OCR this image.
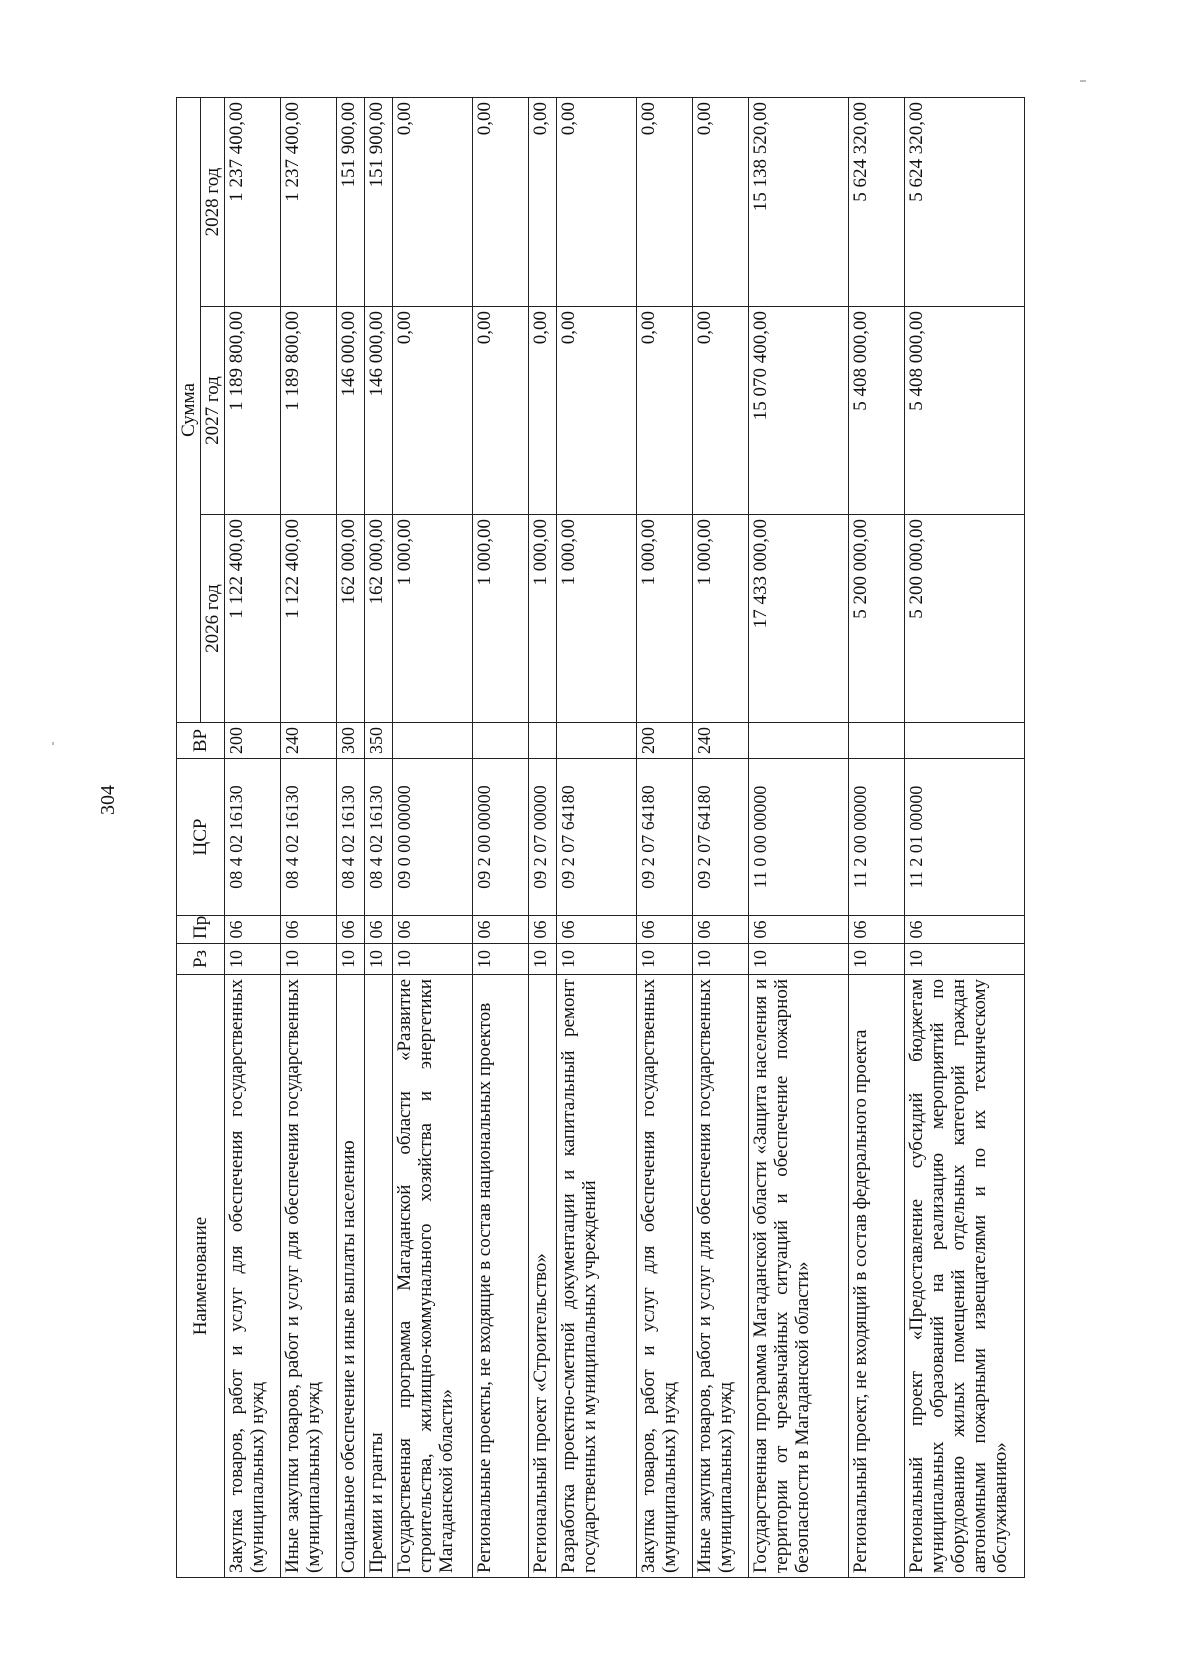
304
Наименование	Рз	Пр	ЦСР	ВР	Сумма		
					2026 год	2027 год	2028 год
Закупка товаров, работ и услуг для обеспечения государственных (муниципальных) нужд	10	06	08 4 02 16130	200	1 122 400,00	1 189 800,00	1 237 400,00
Иные закупки товаров, работ и услуг для обеспечения государственных (муниципальных) нужд	10	06	08 4 02 16130	240	1 122 400,00	1 189 800,00	1 237 400,00
Социальное обеспечение и иные выплаты населению	10	06	08 4 02 16130	300	162 000,00	146 000,00	151 900,00
Премии и гранты	10	06	08 4 02 16130	350	162 000,00	146 000,00	151 900,00
Государственная программа Магаданской области «Развитие строительства, жилищно-коммунального хозяйства и энергетики Магаданской области»	10	06	09 0 00 00000		1 000,00	0,00	0,00
Региональные проекты, не входящие в состав национальных проектов	10	06	09 2 00 00000		1 000,00	0,00	0,00
Региональный проект «Строительство»	10	06	09 2 07 00000		1 000,00	0,00	0,00
Разработка проектно-сметной документации и капитальный ремонт государственных и муниципальных учреждений	10	06	09 2 07 64180		1 000,00	0,00	0,00
Закупка товаров, работ и услуг для обеспечения государственных (муниципальных) нужд	10	06	09 2 07 64180	200	1 000,00	0,00	0,00
Иные закупки товаров, работ и услуг для обеспечения государственных (муниципальных) нужд	10	06	09 2 07 64180	240	1 000,00	0,00	0,00
Государственная программа Магаданской области «Защита населения и территории от чрезвычайных ситуаций и обеспечение пожарной безопасности в Магаданской области»	10	06	11 0 00 00000		17 433 000,00	15 070 400,00	15 138 520,00
Региональный проект, не входящий в состав федерального проекта	10	06	11 2 00 00000		5 200 000,00	5 408 000,00	5 624 320,00
Региональный проект «Предоставление субсидий бюджетам муниципальных образований на реализацию мероприятий по оборудованию жилых помещений отдельных категорий граждан автономными пожарными извещателями и по их техническому обслуживанию»	10	06	11 2 01 00000		5 200 000,00	5 408 000,00	5 624 320,00
